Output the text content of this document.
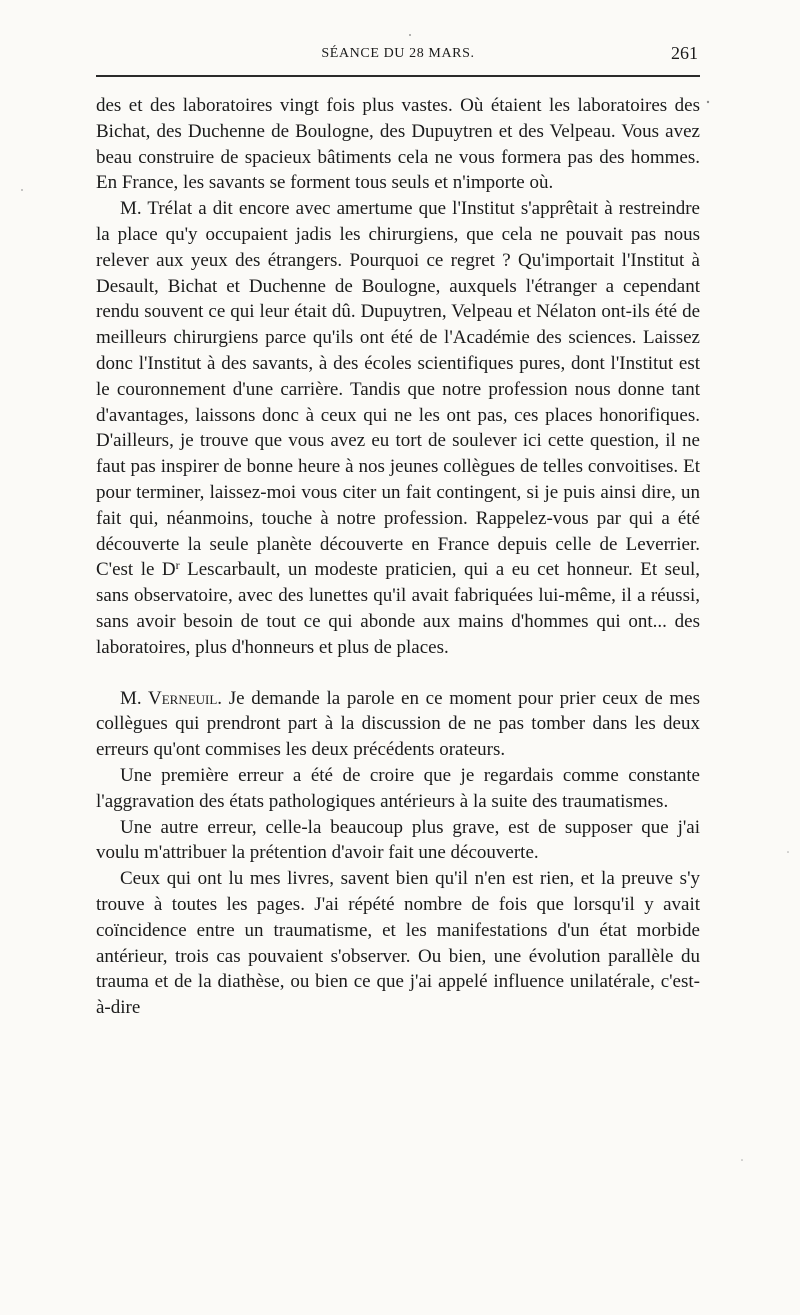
SÉANCE DU 28 MARS.	261

des et des laboratoires vingt fois plus vastes. Où étaient les laboratoires des Bichat, des Duchenne de Boulogne, des Dupuytren et des Velpeau. Vous avez beau construire de spacieux bâtiments cela ne vous formera pas des hommes. En France, les savants se forment tous seuls et n'importe où.

M. Trélat a dit encore avec amertume que l'Institut s'apprêtait à restreindre la place qu'y occupaient jadis les chirurgiens, que cela ne pouvait pas nous relever aux yeux des étrangers. Pourquoi ce regret ? Qu'importait l'Institut à Desault, Bichat et Duchenne de Boulogne, auxquels l'étranger a cependant rendu souvent ce qui leur était dû. Dupuytren, Velpeau et Nélaton ont-ils été de meilleurs chirurgiens parce qu'ils ont été de l'Académie des sciences. Laissez donc l'Institut à des savants, à des écoles scientifiques pures, dont l'Institut est le couronnement d'une carrière. Tandis que notre profession nous donne tant d'avantages, laissons donc à ceux qui ne les ont pas, ces places honorifiques. D'ailleurs, je trouve que vous avez eu tort de soulever ici cette question, il ne faut pas inspirer de bonne heure à nos jeunes collègues de telles convoitises. Et pour terminer, laissez-moi vous citer un fait contingent, si je puis ainsi dire, un fait qui, néanmoins, touche à notre profession. Rappelez-vous par qui a été découverte la seule planète découverte en France depuis celle de Leverrier. C'est le $D^r$ Lescarbault, un modeste praticien, qui a eu cet honneur. Et seul, sans observatoire, avec des lunettes qu'il avait fabriquées lui-même, il a réussi, sans avoir besoin de tout ce qui abonde aux mains d'hommes qui ont... des laboratoires, plus d'honneurs et plus de places.

M. Verneuil. Je demande la parole en ce moment pour prier ceux de mes collègues qui prendront part à la discussion de ne pas tomber dans les deux erreurs qu'ont commises les deux précédents orateurs.

Une première erreur a été de croire que je regardais comme constante l'aggravation des états pathologiques antérieurs à la suite des traumatismes.

Une autre erreur, celle-la beaucoup plus grave, est de supposer que j'ai voulu m'attribuer la prétention d'avoir fait une découverte.

Ceux qui ont lu mes livres, savent bien qu'il n'en est rien, et la preuve s'y trouve à toutes les pages. J'ai répété nombre de fois que lorsqu'il y avait coïncidence entre un traumatisme, et les manifestations d'un état morbide antérieur, trois cas pouvaient s'observer. Ou bien, une évolution parallèle du trauma et de la diathèse, ou bien ce que j'ai appelé influence unilatérale, c'est-à-dire
